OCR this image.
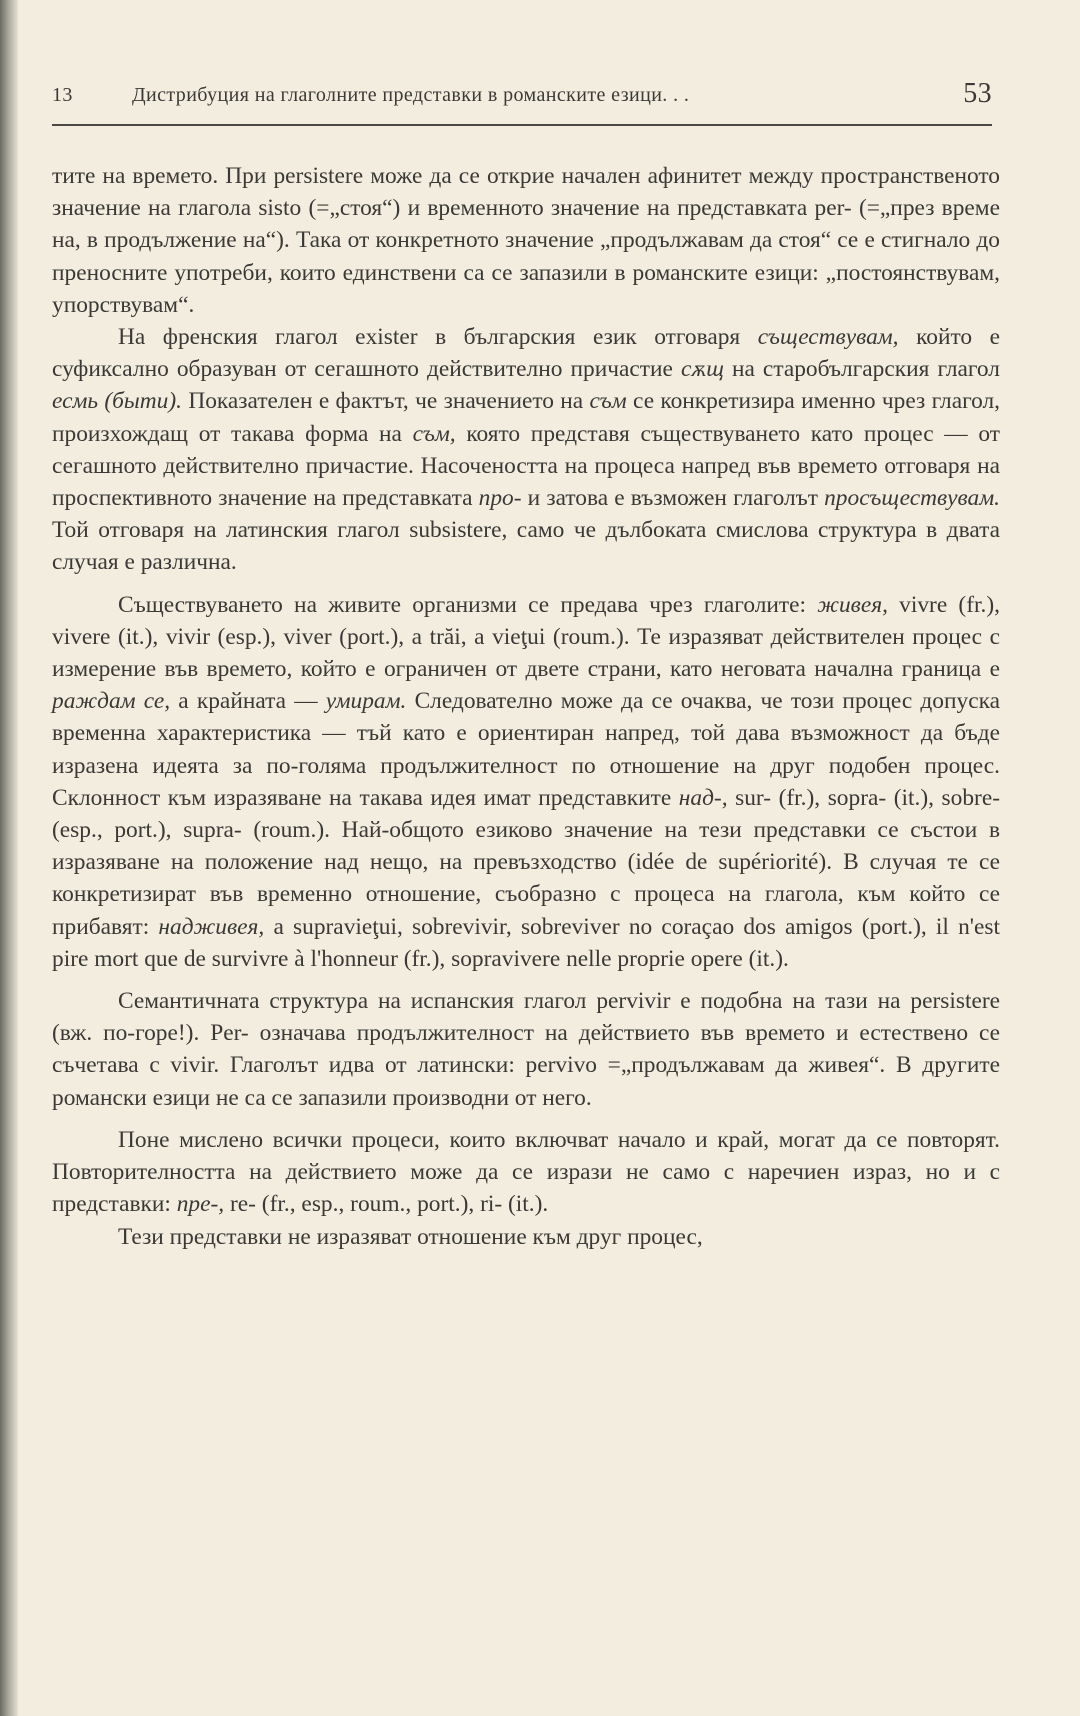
13	Дистрибуция на глаголните представки в романските езици. . .	53

тите на времето. При persistere може да се открие начален афинитет между пространственото значение на глагола sisto (=„стоя“) и временното значение на представката per- (=„през време на, в продължение на“). Така от конкретното значение „продължавам да стоя“ се е стигнало до преносните употреби, които единствени са се запазили в романските езици: „постоянствувам, упорствувам“.

На френския глагол exister в българския език отговаря съществувам, който е суфиксално образуван от сегашното действително причастие сѫщ на старобългарския глагол есмь (быти). Показателен е фактът, че значението на съм се конкретизира именно чрез глагол, произхождащ от такава форма на съм, която представя съществуването като процес — от сегашното действително причастие. Насочеността на процеса напред във времето отговаря на проспективното значение на представката про- и затова е възможен глаголът просъществувам. Той отговаря на латинския глагол subsistere, само че дълбоката смислова структура в двата случая е различна.

Съществуването на живите организми се предава чрез глаголите: живея, vivre (fr.), vivere (it.), vivir (esp.), viver (port.), a trăi, a vieţui (roum.). Те изразяват действителен процес с измерение във времето, който е ограничен от двете страни, като неговата начална граница е раждам се, а крайната — умирам. Следователно може да се очаква, че този процес допуска временна характеристика — тъй като е ориентиран напред, той дава възможност да бъде изразена идеята за по-голяма продължителност по отношение на друг подобен процес. Склонност към изразяване на такава идея имат представките над-, sur- (fr.), sopra- (it.), sobre- (esp., port.), supra- (roum.). Най-общото езиково значение на тези представки се състои в изразяване на положение над нещо, на превъзходство (idée de supériorité). В случая те се конкретизират във временно отношение, съобразно с процеса на глагола, към който се прибавят: надживея, a supravieţui, sobrevivir, sobreviver no coraçao dos amigos (port.), il n'est pire mort que de survivre à l'honneur (fr.), sopravivere nelle proprie opere (it.).

Семантичната структура на испанския глагол pervivir е подобна на тази на persistere (вж. по-горе!). Per- означава продължителност на действието във времето и естествено се съчетава с vivir. Глаголът идва от латински: pervivo =„продължавам да живея“. В другите романски езици не са се запазили производни от него.

Поне мислено всички процеси, които включват начало и край, могат да се повторят. Повторителността на действието може да се изрази не само с наречиен израз, но и с представки: пре-, re- (fr., esp., roum., port.), ri- (it.).

Тези представки не изразяват отношение към друг процес,
